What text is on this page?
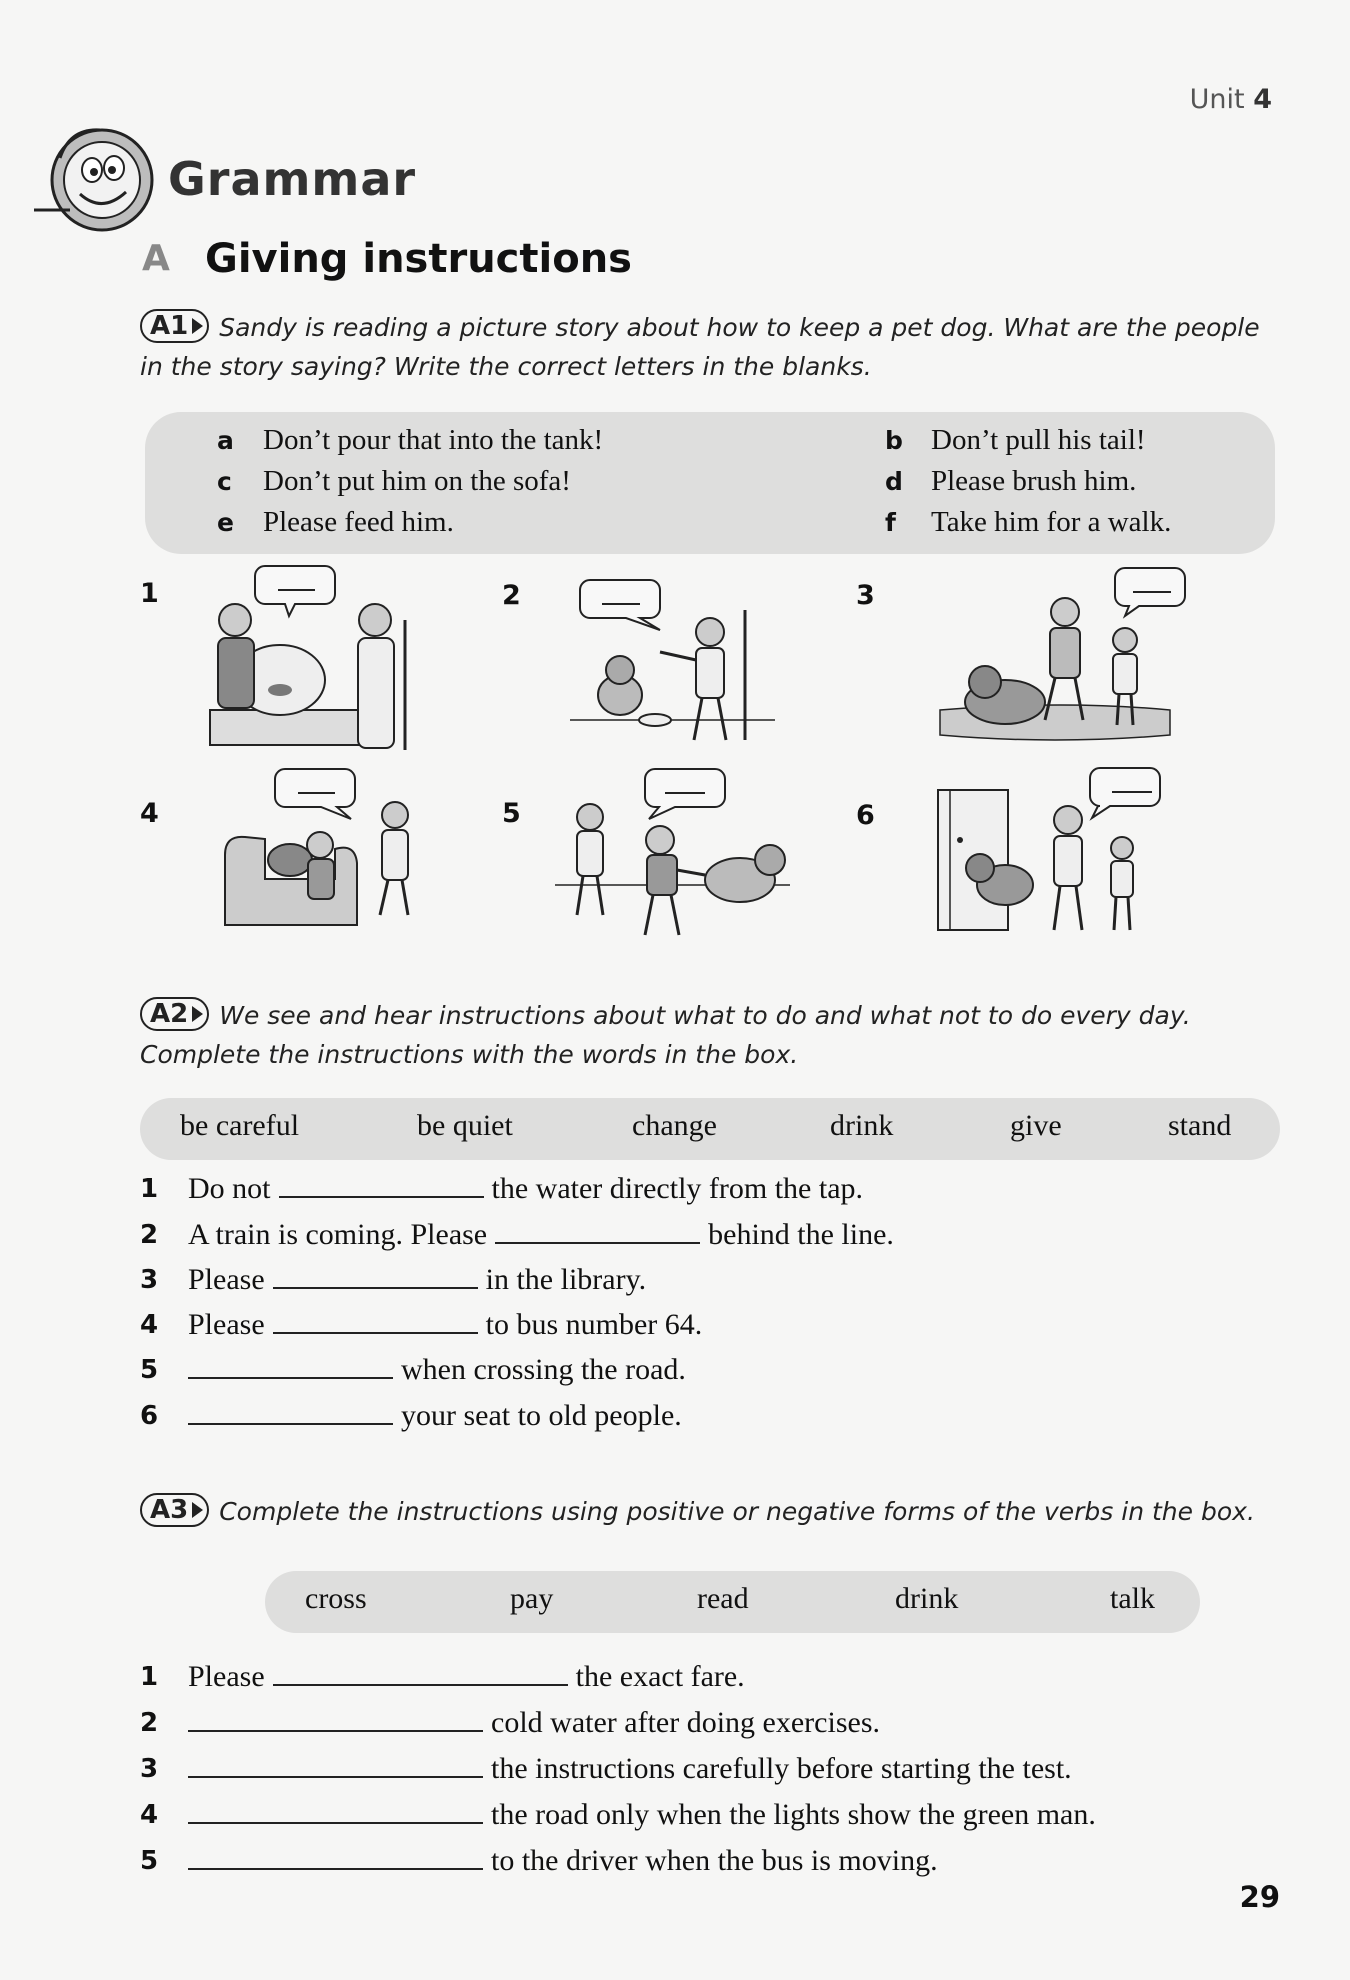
Unit 4
Grammar
A Giving instructions
A1 Sandy is reading a picture story about how to keep a pet dog. What are the people in the story saying? Write the correct letters in the blanks.
a Don’t pour that into the tank!	b Don’t pull his tail!
c Don’t put him on the sofa!	d Please brush him.
e Please feed him.	f Take him for a walk.
1	2	3
4	5	6
A2 We see and hear instructions about what to do and what not to do every day. Complete the instructions with the words in the box.
be careful	be quiet	change	drink	give	stand
1 Do not	the water directly from the tap.
2 A train is coming. Please	behind the line.
3 Please	in the library.
4 Please	to bus number 64.
5	when crossing the road.
6	your seat to old people.
A3 Complete the instructions using positive or negative forms of the verbs in the box.
cross	pay	read	drink	talk
1 Please	the exact fare.
2	cold water after doing exercises.
3	the instructions carefully before starting the test.
4	the road only when the lights show the green man.
5	to the driver when the bus is moving.
29
